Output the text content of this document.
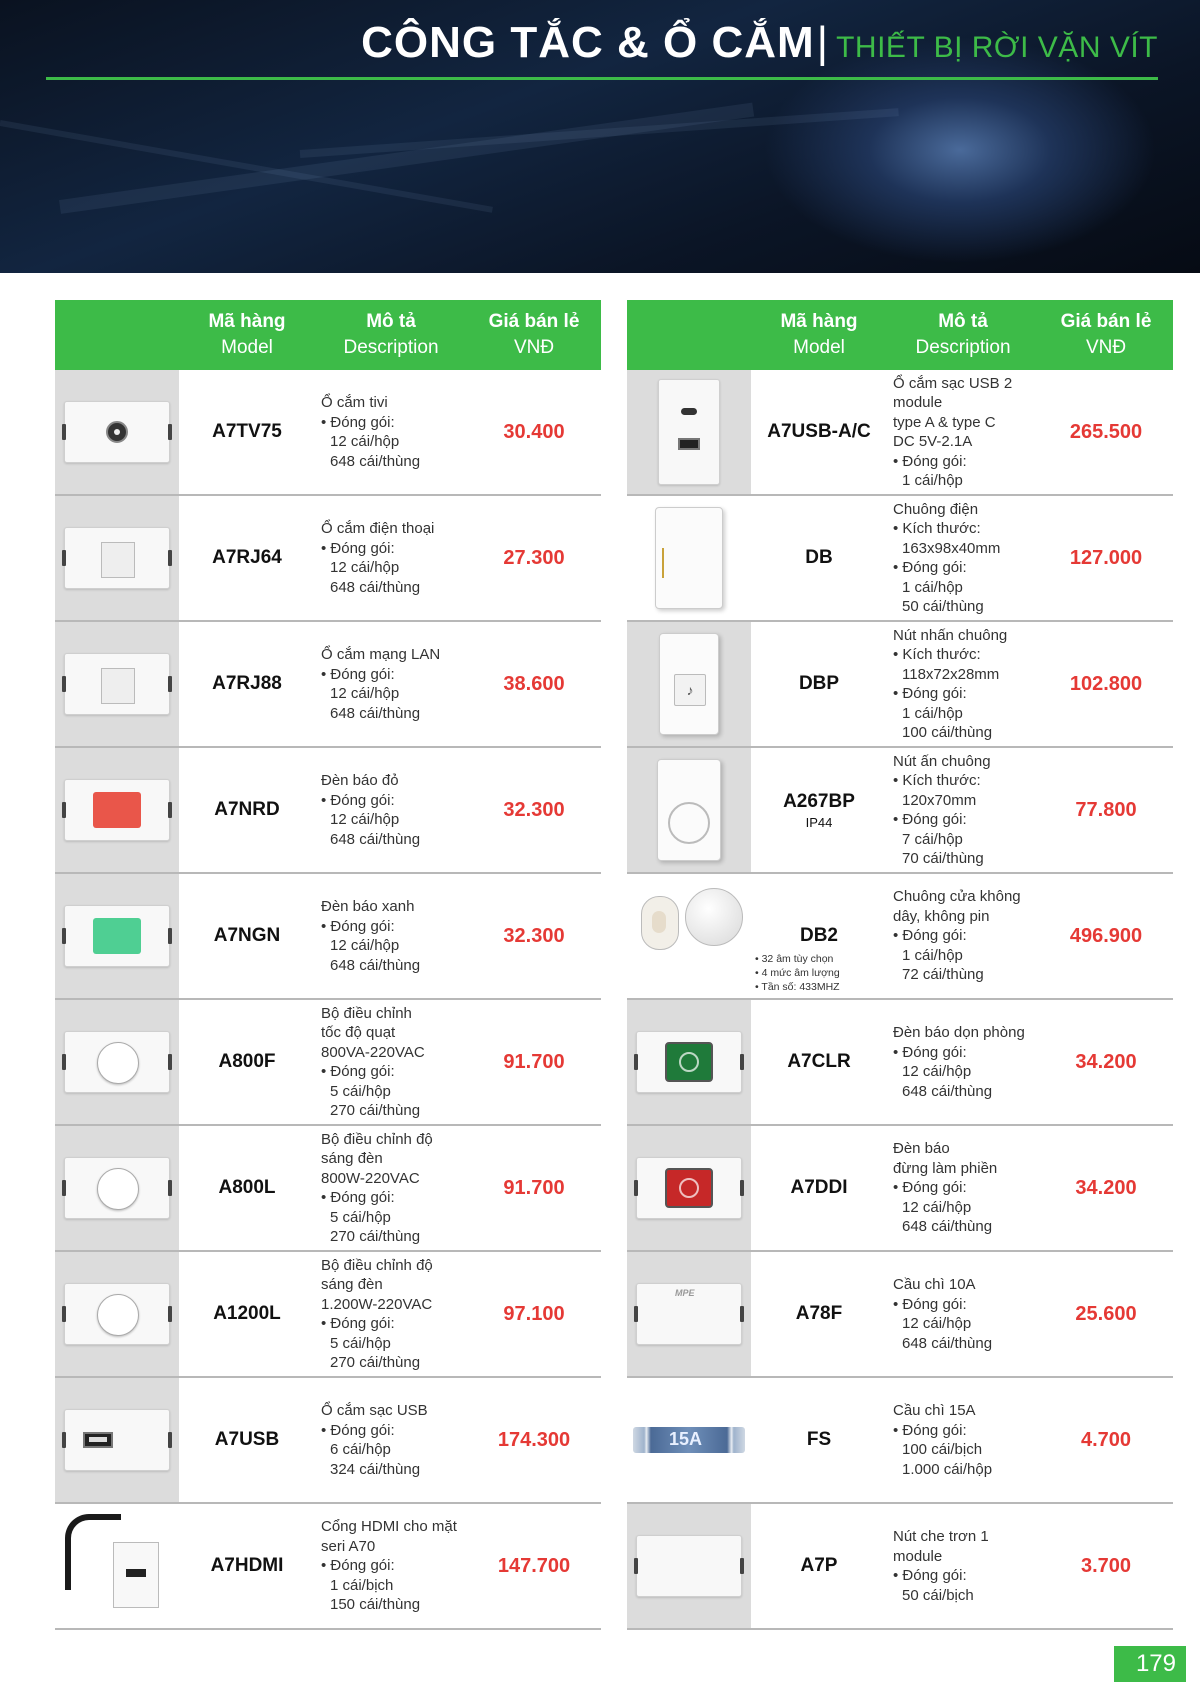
CÔNG TẮC & Ổ CẮM | THIẾT BỊ RỜI VẶN VÍT
Mã hàng
Model
Mô tả
Description
Giá bán lẻ
VNĐ
A7TV75
Ổ cắm tivi
• Đóng gói:
12 cái/hộp
648 cái/thùng
30.400
A7RJ64
Ổ cắm điện thoại
• Đóng gói:
12 cái/hộp
648 cái/thùng
27.300
A7RJ88
Ổ cắm mạng LAN
• Đóng gói:
12 cái/hộp
648 cái/thùng
38.600
A7NRD
Đèn báo đỏ
• Đóng gói:
12 cái/hộp
648 cái/thùng
32.300
A7NGN
Đèn báo xanh
• Đóng gói:
12 cái/hộp
648 cái/thùng
32.300
A800F
Bộ điều chỉnh
tốc độ quạt
800VA-220VAC
• Đóng gói:
5 cái/hộp
270 cái/thùng
91.700
A800L
Bộ điều chỉnh độ
sáng đèn
800W-220VAC
• Đóng gói:
5 cái/hộp
270 cái/thùng
91.700
A1200L
Bộ điều chỉnh độ
sáng đèn
1.200W-220VAC
• Đóng gói:
5 cái/hộp
270 cái/thùng
97.100
A7USB
Ổ cắm sạc USB
• Đóng gói:
6 cái/hộp
324 cái/thùng
174.300
A7HDMI
Cổng HDMI cho mặt
seri A70
• Đóng gói:
1 cái/bịch
150 cái/thùng
147.700
Mã hàng
Model
Mô tả
Description
Giá bán lẻ
VNĐ
A7USB-A/C
Ổ cắm sạc USB 2
module
type A & type C
DC 5V-2.1A
• Đóng gói:
1 cái/hộp
265.500
DB
Chuông điện
• Kích thước:
163x98x40mm
• Đóng gói:
1 cái/hộp
50 cái/thùng
127.000
♪	DBP
Nút nhấn chuông
• Kích thước:
118x72x28mm
• Đóng gói:
1 cái/hộp
100 cái/thùng
102.800
A267BP
IP44
Nút ấn chuông
• Kích thước:
120x70mm
• Đóng gói:
7 cái/hộp
70 cái/thùng
77.800
DB2
• 32 âm tùy chọn
• 4 mức âm lượng
• Tần số: 433MHZ
Chuông cửa không
dây, không pin
• Đóng gói:
1 cái/hộp
72 cái/thùng
496.900
A7CLR
Đèn báo dọn phòng
• Đóng gói:
12 cái/hộp
648 cái/thùng
34.200
A7DDI
Đèn báo
đừng làm phiền
• Đóng gói:
12 cái/hộp
648 cái/thùng
34.200
MPE
A78F
Cầu chì 10A
• Đóng gói:
12 cái/hộp
648 cái/thùng
25.600
15A	FS
Cầu chì 15A
• Đóng gói:
100 cái/bịch
1.000 cái/hộp
4.700
A7P
Nút che trơn 1 module
• Đóng gói:
50 cái/bịch
3.700
179
